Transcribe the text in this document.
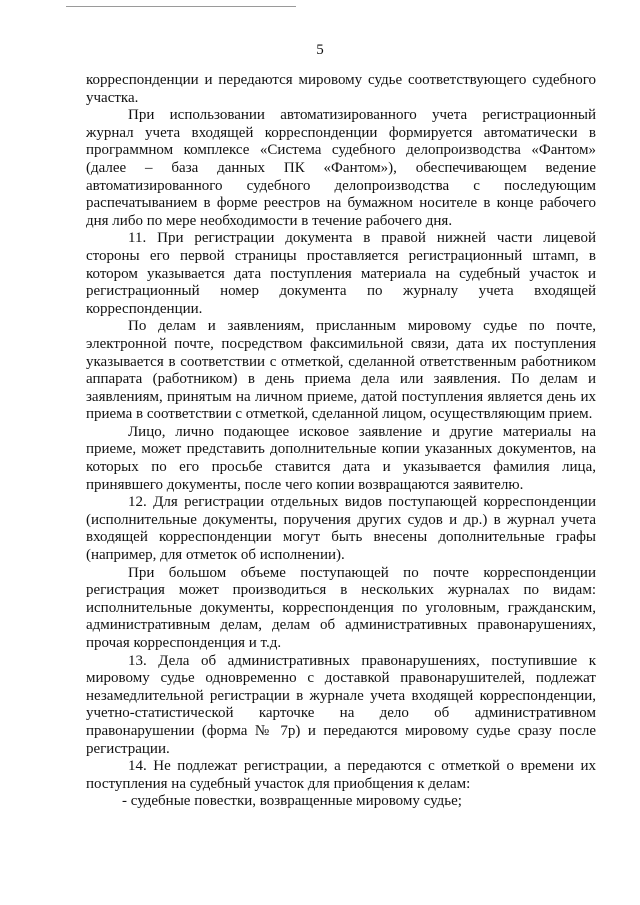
5

корреспонденции и передаются мировому судье соответствующего судебного участка.

При использовании автоматизированного учета регистрационный журнал учета входящей корреспонденции формируется автоматически в программном комплексе «Система судебного делопроизводства «Фантом» (далее – база данных ПК «Фантом»), обеспечивающем ведение автоматизированного судебного делопроизводства с последующим распечатыванием в форме реестров на бумажном носителе в конце рабочего дня либо по мере необходимости в течение рабочего дня.

11. При регистрации документа в правой нижней части лицевой стороны его первой страницы проставляется регистрационный штамп, в котором указывается дата поступления материала на судебный участок и регистрационный номер документа по журналу учета входящей корреспонденции.

По делам и заявлениям, присланным мировому судье по почте, электронной почте, посредством факсимильной связи, дата их поступления указывается в соответствии с отметкой, сделанной ответственным работником аппарата (работником) в день приема дела или заявления. По делам и заявлениям, принятым на личном приеме, датой поступления является день их приема в соответствии с отметкой, сделанной лицом, осуществляющим прием.

Лицо, лично подающее исковое заявление и другие материалы на приеме, может представить дополнительные копии указанных документов, на которых по его просьбе ставится дата и указывается фамилия лица, принявшего документы, после чего копии возвращаются заявителю.

12. Для регистрации отдельных видов поступающей корреспонденции (исполнительные документы, поручения других судов и др.) в журнал учета входящей корреспонденции могут быть внесены дополнительные графы (например, для отметок об исполнении).

При большом объеме поступающей по почте корреспонденции регистрация может производиться в нескольких журналах по видам: исполнительные документы, корреспонденция по уголовным, гражданским, административным делам, делам об административных правонарушениях, прочая корреспонденция и т.д.

13. Дела об административных правонарушениях, поступившие к мировому судье одновременно с доставкой правонарушителей, подлежат незамедлительной регистрации в журнале учета входящей корреспонденции, учетно-статистической карточке на дело об административном правонарушении (форма № 7р) и передаются мировому судье сразу после регистрации.

14. Не подлежат регистрации, а передаются с отметкой о времени их поступления на судебный участок для приобщения к делам:

- судебные повестки, возвращенные мировому судье;
